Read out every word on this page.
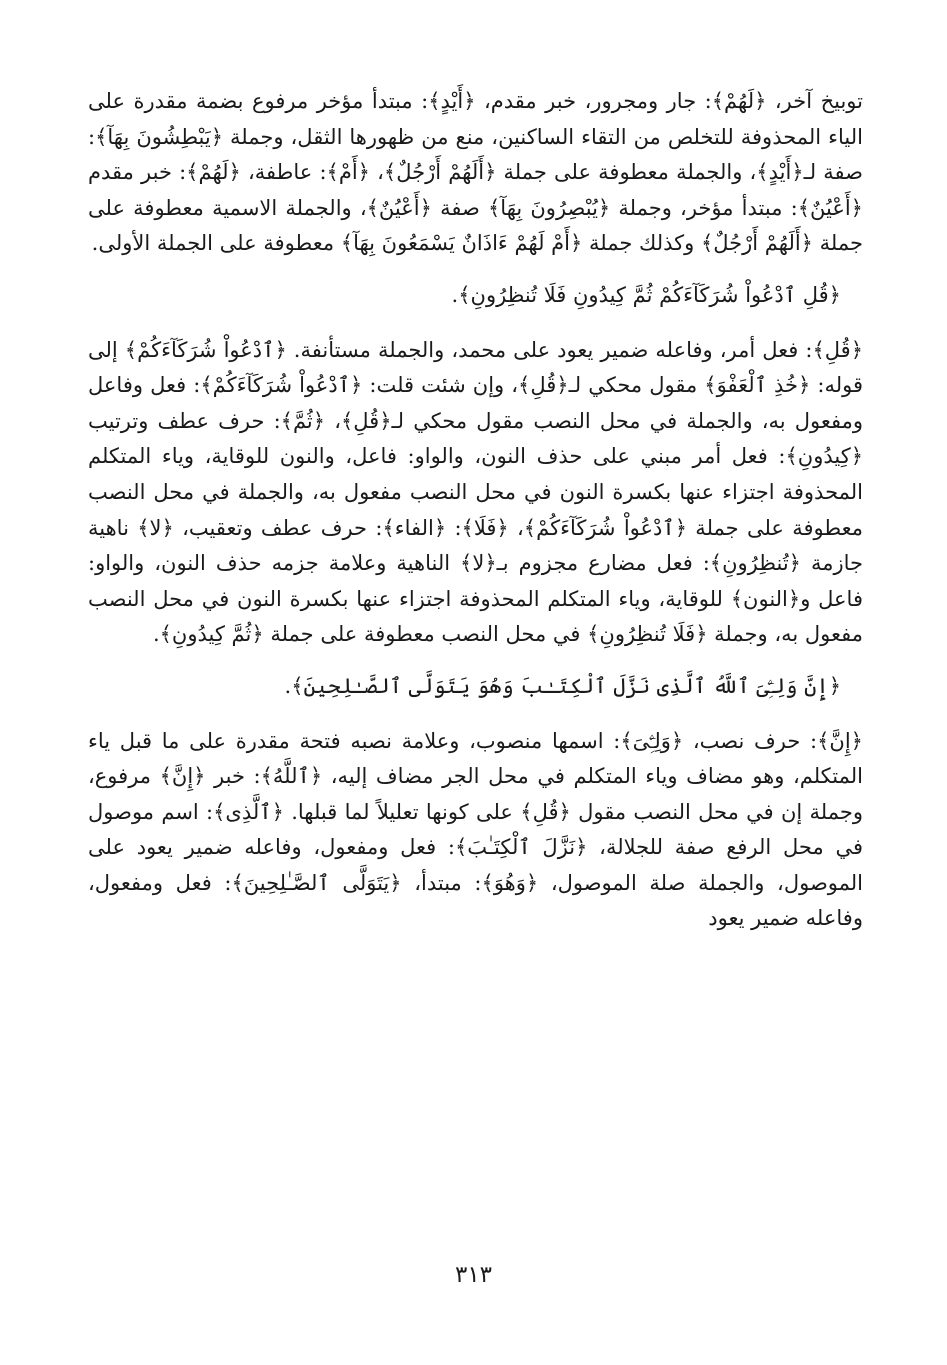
توبيخ آخر، ﴿لَهُمْ﴾: جار ومجرور، خبر مقدم، ﴿أَيْدٍ﴾: مبتدأ مؤخر مرفوع بضمة مقدرة على الياء المحذوفة للتخلص من التقاء الساكنين، منع من ظهورها الثقل، وجملة ﴿يَبْطِشُونَ بِهَآ﴾: صفة لـ﴿أَيْدٍ﴾، والجملة معطوفة على جملة ﴿أَلَهُمْ أَرْجُلٌ﴾، ﴿أَمْ﴾: عاطفة، ﴿لَهُمْ﴾: خبر مقدم ﴿أَعْيُنٌ﴾: مبتدأ مؤخر، وجملة ﴿يُبْصِرُونَ بِهَآ﴾ صفة ﴿أَعْيُنٌ﴾، والجملة الاسمية معطوفة على جملة ﴿أَلَهُمْ أَرْجُلٌ﴾ وكذلك جملة ﴿أَمْ لَهُمْ ءَاذَانٌ يَسْمَعُونَ بِهَآ﴾ معطوفة على الجملة الأولى.

﴿قُلِ ٱدْعُواْ شُرَكَآءَكُمْ ثُمَّ كِيدُونِ فَلَا تُنظِرُونِ﴾.

﴿قُلِ﴾: فعل أمر، وفاعله ضمير يعود على محمد، والجملة مستأنفة. ﴿ٱدْعُواْ شُرَكَآءَكُمْ﴾ إلى قوله: ﴿خُذِ ٱلْعَفْوَ﴾ مقول محكي لـ﴿قُلِ﴾، وإن شئت قلت: ﴿ٱدْعُواْ شُرَكَآءَكُمْ﴾: فعل وفاعل ومفعول به، والجملة في محل النصب مقول محكي لـ﴿قُلِ﴾، ﴿ثُمَّ﴾: حرف عطف وترتيب ﴿كِيدُونِ﴾: فعل أمر مبني على حذف النون، والواو: فاعل، والنون للوقاية، وياء المتكلم المحذوفة اجتزاء عنها بكسرة النون في محل النصب مفعول به، والجملة في محل النصب معطوفة على جملة ﴿ٱدْعُواْ شُرَكَآءَكُمْ﴾، ﴿فَلَا﴾: ﴿الفاء﴾: حرف عطف وتعقيب، ﴿لا﴾ ناهية جازمة ﴿تُنظِرُونِ﴾: فعل مضارع مجزوم بـ﴿لا﴾ الناهية وعلامة جزمه حذف النون، والواو: فاعل و﴿النون﴾ للوقاية، وياء المتكلم المحذوفة اجتزاء عنها بكسرة النون في محل النصب مفعول به، وجملة ﴿فَلَا تُنظِرُونِ﴾ في محل النصب معطوفة على جملة ﴿ثُمَّ كِيدُونِ﴾.

﴿إِنَّ وَلِـِّۧىَ ٱللَّهُ ٱلَّذِى نَزَّلَ ٱلْكِتَـٰبَ وَهُوَ يَتَوَلَّى ٱلصَّـٰلِحِينَ﴾.

﴿إِنَّ﴾: حرف نصب، ﴿وَلِـِّۧىَ﴾: اسمها منصوب، وعلامة نصبه فتحة مقدرة على ما قبل ياء المتكلم، وهو مضاف وياء المتكلم في محل الجر مضاف إليه، ﴿ٱللَّهُ﴾: خبر ﴿إِنَّ﴾ مرفوع، وجملة إن في محل النصب مقول ﴿قُلِ﴾ على كونها تعليلاً لما قبلها. ﴿ٱلَّذِى﴾: اسم موصول في محل الرفع صفة للجلالة، ﴿نَزَّلَ ٱلْكِتَـٰبَ﴾: فعل ومفعول، وفاعله ضمير يعود على الموصول، والجملة صلة الموصول، ﴿وَهُوَ﴾: مبتدأ، ﴿يَتَوَلَّى ٱلصَّـٰلِحِينَ﴾: فعل ومفعول، وفاعله ضمير يعود

٣١٣
